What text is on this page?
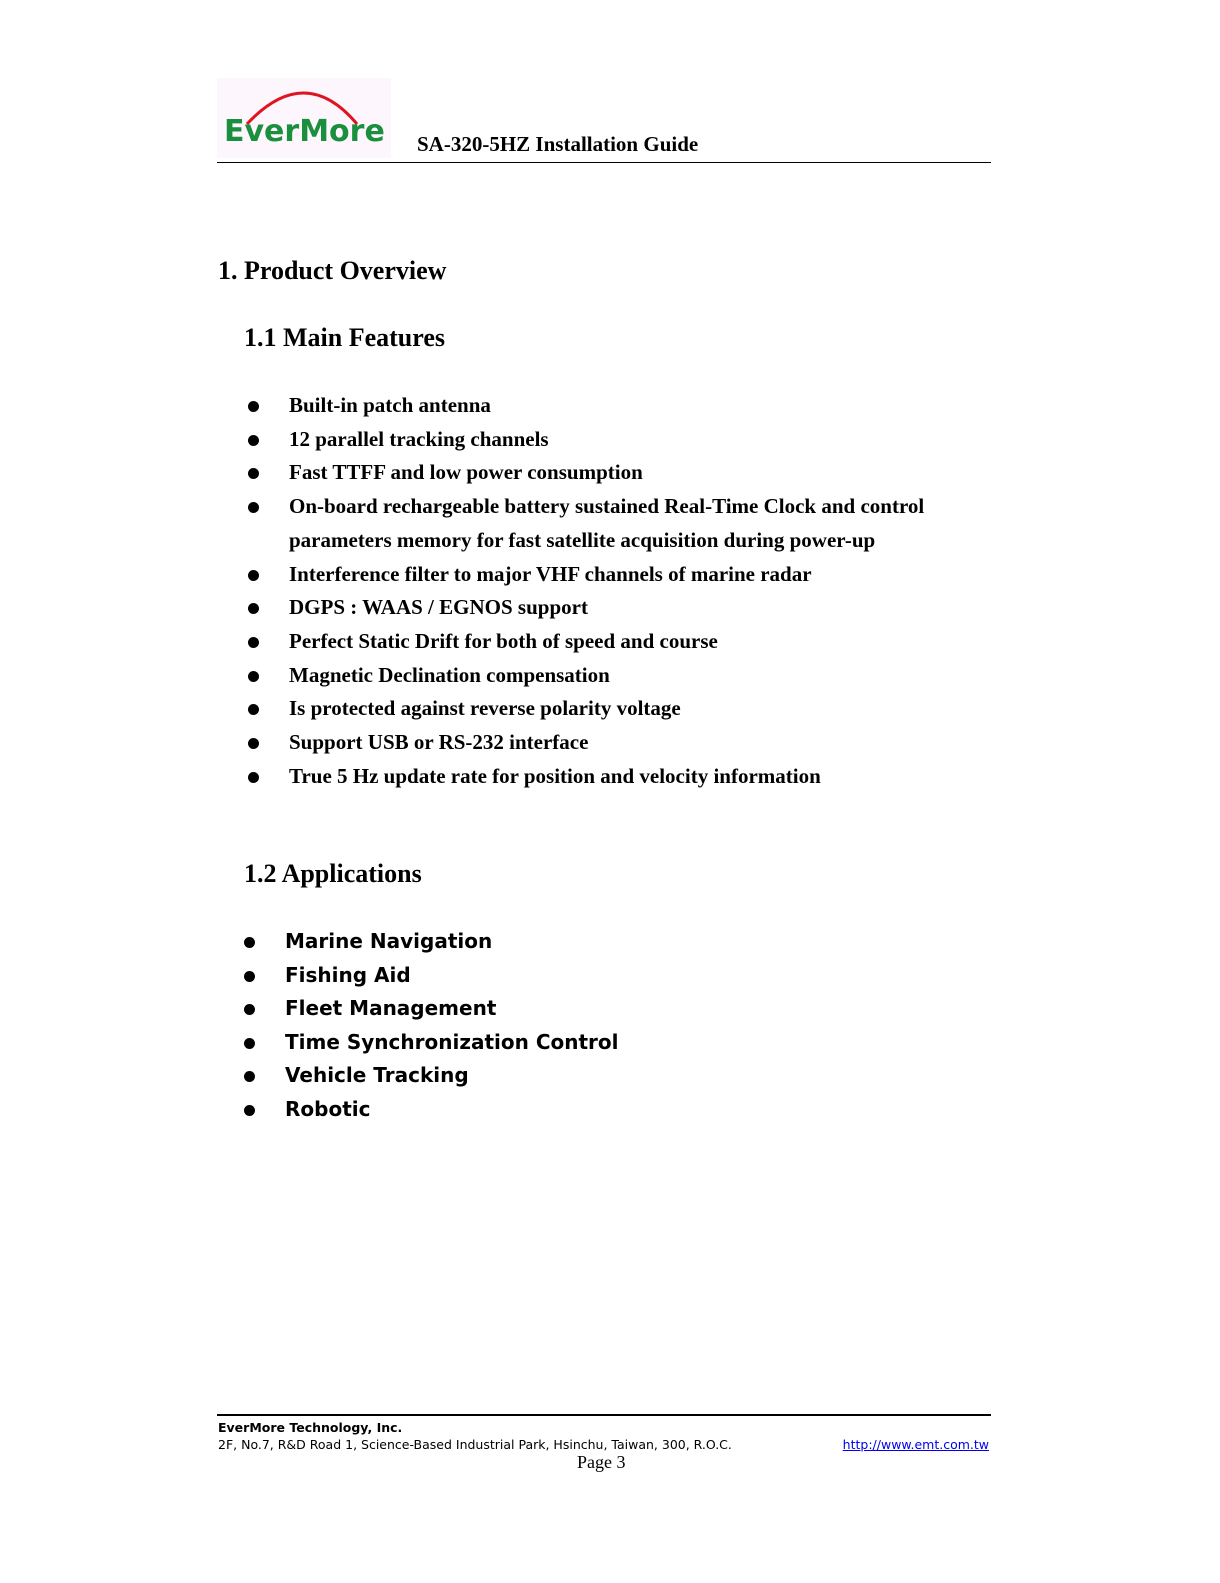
EverMore SA-320-5HZ Installation Guide
1. Product Overview
1.1 Main Features
Built-in patch antenna
12 parallel tracking channels
Fast TTFF and low power consumption
On-board rechargeable battery sustained Real-Time Clock and control parameters memory for fast satellite acquisition during power-up
Interference filter to major VHF channels of marine radar
DGPS : WAAS / EGNOS support
Perfect Static Drift for both of speed and course
Magnetic Declination compensation
Is protected against reverse polarity voltage
Support USB or RS-232 interface
True 5 Hz update rate for position and velocity information
1.2 Applications
Marine Navigation
Fishing Aid
Fleet Management
Time Synchronization Control
Vehicle Tracking
Robotic
EverMore Technology, Inc.
2F, No.7, R&D Road 1, Science-Based Industrial Park, Hsinchu, Taiwan, 300, R.O.C.	http://www.emt.com.tw
Page 3
